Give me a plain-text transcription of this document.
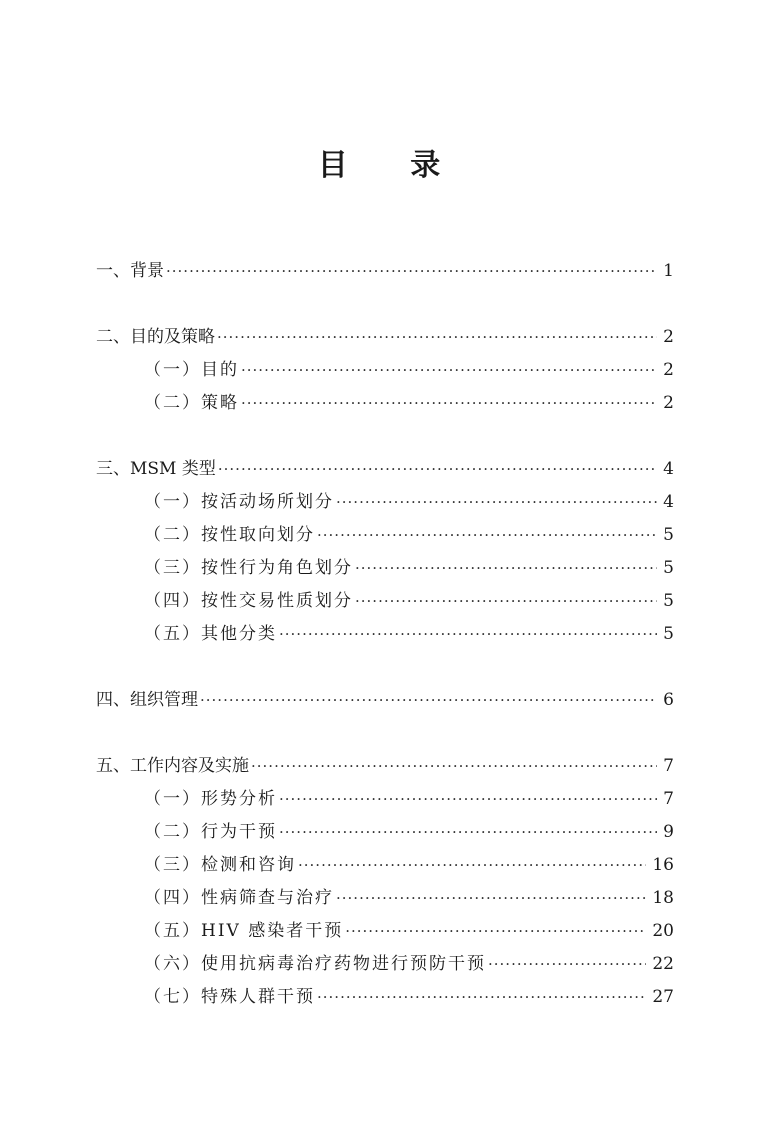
目 录
一、背景 ·····	1
二、目的及策略 ·····	2
（一）目的 ·····	2
（二）策略 ·····	2
三、MSM 类型 ·····	4
（一）按活动场所划分 ·····	4
（二）按性取向划分 ·····	5
（三）按性行为角色划分 ·····	5
（四）按性交易性质划分 ·····	5
（五）其他分类 ·····	5
四、组织管理 ·····	6
五、工作内容及实施 ·····	7
（一）形势分析 ·····	7
（二）行为干预 ·····	9
（三）检测和咨询 ·····	16
（四）性病筛查与治疗 ·····	18
（五）HIV 感染者干预 ·····	20
（六）使用抗病毒治疗药物进行预防干预 ·····	22
（七）特殊人群干预 ·····	27
